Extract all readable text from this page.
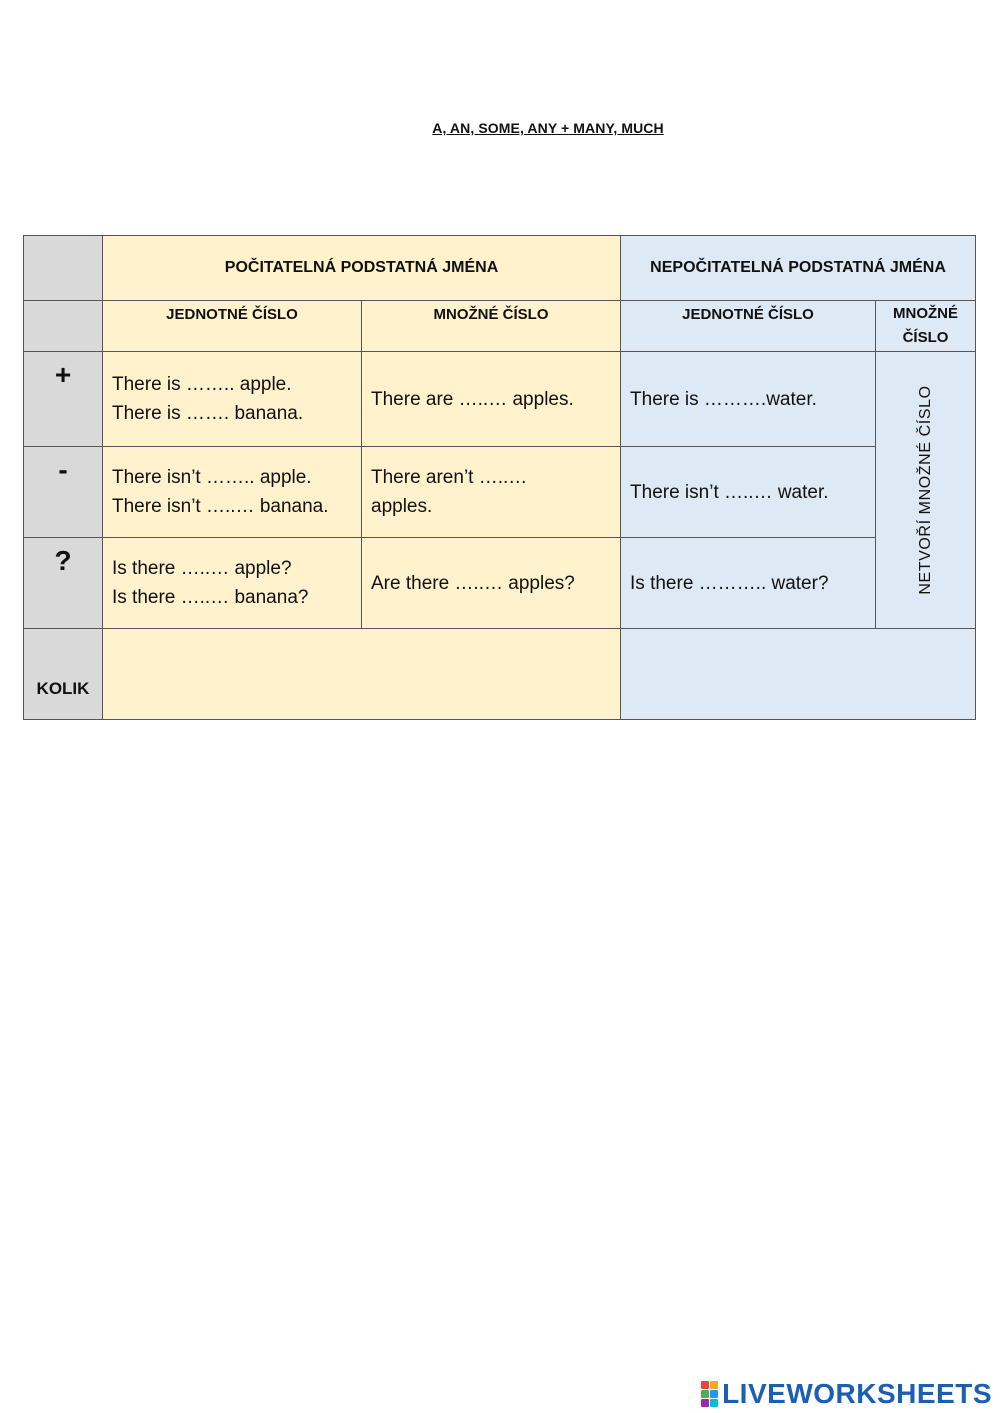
A, AN, SOME, ANY + MANY, MUCH
	POČITATELNÁ PODSTATNÁ JMÉNA		NEPOČITATELNÁ PODSTATNÁ JMÉNA	
	JEDNOTNÉ ČÍSLO	MNOŽNÉ ČÍSLO	JEDNOTNÉ ČÍSLO	MNOŽNÉ
ČÍSLO

+	There is …….. apple.
There is ……. banana.	There are …..… apples.	There is ……….water.	NETVOŘÍ MNOŽNÉ ČÍSLO

-	There isn’t …….. apple.
There isn’t …..… banana.	There aren’t …..…
apples.	There isn’t …..… water.	

?	Is there …..… apple?
Is there …..… banana?	Are there …..… apples?	Is there ……….. water?	

KOLIK				
LIVEWORKSHEETS
